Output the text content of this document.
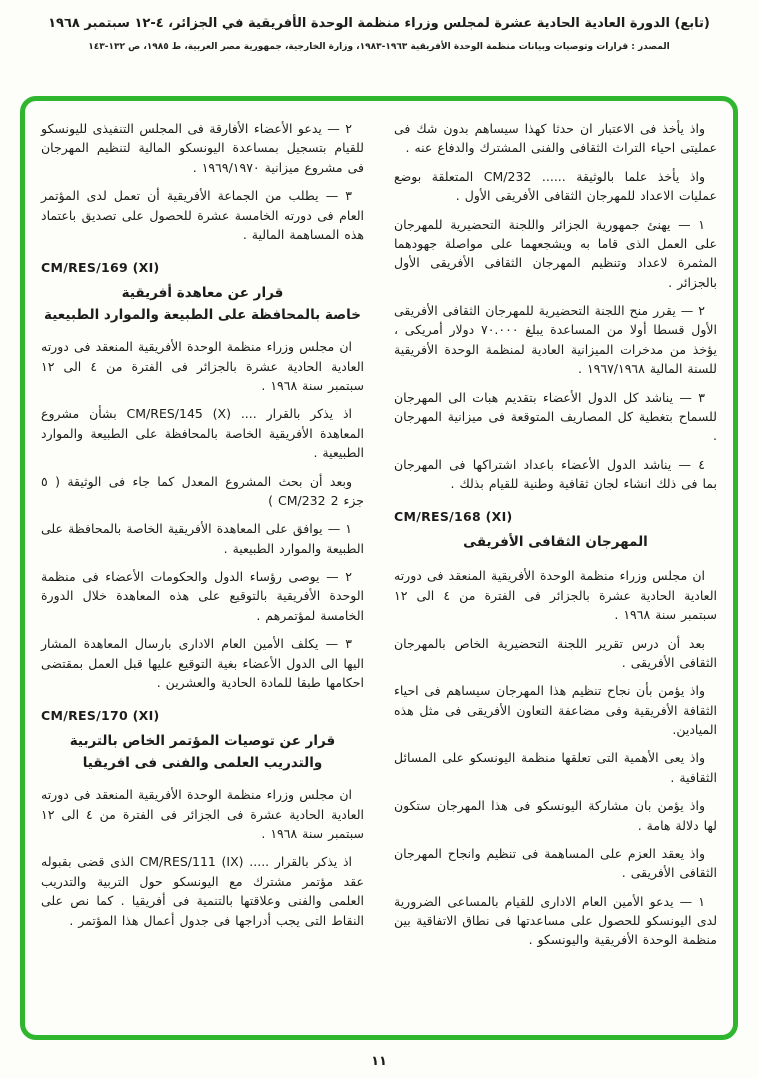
(تابع) الدورة العادية الحادية عشرة لمجلس وزراء منظمة الوحدة الأفريقية في الجزائر، ٤-١٢ سبتمبر ١٩٦٨

المصدر : قرارات وتوصيات وبيانات منظمة الوحدة الأفريقية ١٩٦٣-١٩٨٣، وزارة الخارجية، جمهورية مصر العربية، ط ١٩٨٥، ص ١٣٢-١٤٣

واذ يأخذ فى الاعتبار ان حدثا كهذا سيساهم بدون شك فى عمليتى احياء التراث الثقافى والفنى المشترك والدفاع عنه .

واذ يأخذ علما بالوثيقة ...... CM/232 المتعلقة بوضع عمليات الاعداد للمهرجان الثقافى الأفريقى الأول .

١ — يهنئ جمهورية الجزائر واللجنة التحضيرية للمهرجان على العمل الذى قاما به ويشجعهما على مواصلة جهودهما المثمرة لاعداد وتنظيم المهرجان الثقافى الأفريقى الأول بالجزائر .

٢ — يقرر منح اللجنة التحضيرية للمهرجان الثقافى الأفريقى الأول قسطا أولا من المساعدة يبلغ ٧٠.٠٠٠ دولار أمريكى ، يؤخذ من مدخرات الميزانية العادية لمنظمة الوحدة الأفريقية للسنة المالية ١٩٦٧/١٩٦٨ .

٣ — يناشد كل الدول الأعضاء بتقديم هبات الى المهرجان للسماح بتغطية كل المصاريف المتوقعة فى ميزانية المهرجان .

٤ — يناشد الدول الأعضاء باعداد اشتراكها فى المهرجان بما فى ذلك انشاء لجان ثقافية وطنية للقيام بذلك .

CM/RES/168 (XI)
المهرجان الثقافى الأفريقى

ان مجلس وزراء منظمة الوحدة الأفريقية المنعقد فى دورته العادية الحادية عشرة بالجزائر فى الفترة من ٤ الى ١٢ سبتمبر سنة ١٩٦٨ .

بعد أن درس تقرير اللجنة التحضيرية الخاص بالمهرجان الثقافى الأفريقى .

واذ يؤمن بأن نجاح تنظيم هذا المهرجان سيساهم فى احياء الثقافة الأفريقية وفى مضاعفة التعاون الأفريقى فى مثل هذه الميادين.

واذ يعى الأهمية التى تعلقها منظمة اليونسكو على المسائل الثقافية .

واذ يؤمن بان مشاركة اليونسكو فى هذا المهرجان ستكون لها دلالة هامة .

واذ يعقد العزم على المساهمة فى تنظيم وانجاح المهرجان الثقافى الأفريقى .

١ — يدعو الأمين العام الادارى للقيام بالمساعى الضرورية لدى اليونسكو للحصول على مساعدتها فى نطاق الاتفاقية بين منظمة الوحدة الأفريقية واليونسكو .

٢ — يدعو الأعضاء الأفارقة فى المجلس التنفيذى لليونسكو للقيام بتسجيل بمساعدة اليونسكو المالية لتنظيم المهرجان فى مشروع ميزانية ١٩٦٩/١٩٧٠ .

٣ — يطلب من الجماعة الأفريقية أن تعمل لدى المؤتمر العام فى دورته الخامسة عشرة للحصول على تصديق باعتماد هذه المساهمة المالية .

CM/RES/169 (XI)
قرار عن معاهدة أفريقية
خاصة بالمحافظة على الطبيعة والموارد الطبيعية

ان مجلس وزراء منظمة الوحدة الأفريقية المنعقد فى دورته العادية الحادية عشرة بالجزائر فى الفترة من ٤ الى ١٢ سبتمبر سنة ١٩٦٨ .

اذ يذكر بالقرار .... CM/RES/145 (X) بشأن مشروع المعاهدة الأفريقية الخاصة بالمحافظة على الطبيعة والموارد الطبيعية .

وبعد أن بحث المشروع المعدل كما جاء فى الوثيقة ( ٥ جزء 2 CM/232 )

١ — يوافق على المعاهدة الأفريقية الخاصة بالمحافظة على الطبيعة والموارد الطبيعية .

٢ — يوصى رؤساء الدول والحكومات الأعضاء فى منظمة الوحدة الأفريقية بالتوقيع على هذه المعاهدة خلال الدورة الخامسة لمؤتمرهم .

٣ — يكلف الأمين العام الادارى بارسال المعاهدة المشار اليها الى الدول الأعضاء بغية التوقيع عليها قبل العمل بمقتضى احكامها طبقا للمادة الحادية والعشرين .

CM/RES/170 (XI)
قرار عن توصيات المؤتمر الخاص بالتربية
والتدريب العلمى والفنى فى افريقيا

ان مجلس وزراء منظمة الوحدة الأفريقية المنعقد فى دورته العادية الحادية عشرة فى الجزائر فى الفترة من ٤ الى ١٢ سبتمبر سنة ١٩٦٨ .

اذ يذكر بالقرار ..... CM/RES/111 (IX) الذى قضى بقبوله عقد مؤتمر مشترك مع اليونسكو حول التربية والتدريب العلمى والفنى وعلاقتها بالتنمية فى أفريقيا . كما نص على النقاط التى يجب أدراجها فى جدول أعمال هذا المؤتمر .

١١
